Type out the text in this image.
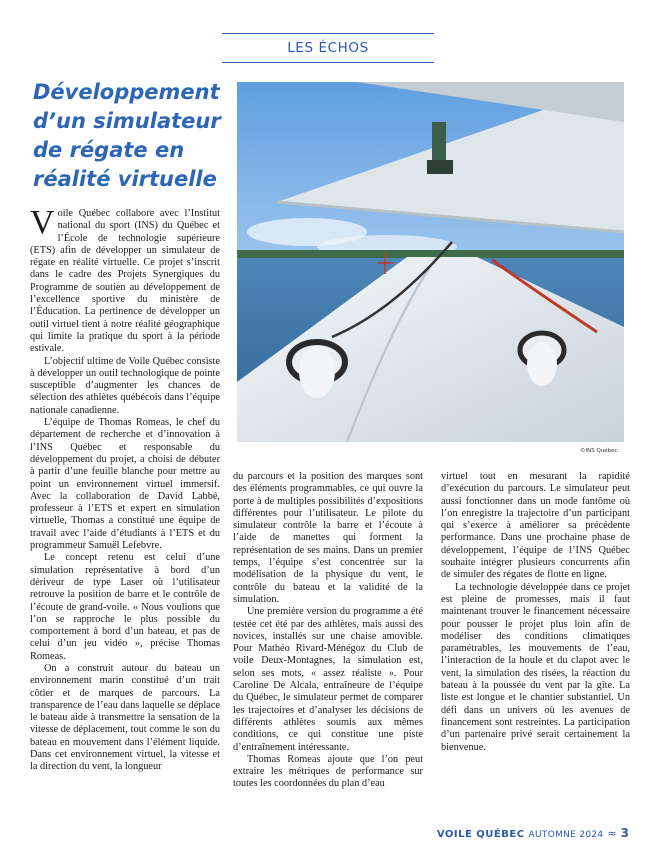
LES ÉCHOS
Développement d’un simulateur de régate en réalité virtuelle
©INS Québec

Voile Québec collabore avec l’Institut national du sport (INS) du Québec et l’École de technologie supérieure (ETS) afin de développer un simulateur de régate en réalité virtuelle. Ce projet s’inscrit dans le cadre des Projets Synergiques du Programme de soutien au développement de l’excellence sportive du ministère de l’Éducation. La pertinence de développer un outil virtuel tient à notre réalité géographique qui limite la pratique du sport à la période estivale.

L’objectif ultime de Voile Québec consiste à développer un outil technologique de pointe susceptible d’augmenter les chances de sélection des athlètes québécois dans l’équipe nationale canadienne.

L’équipe de Thomas Romeas, le chef du département de recherche et d’innovation à l’INS Québec et responsable du développement du projet, a choisi de débuter à partir d’une feuille blanche pour mettre au point un environnement virtuel immersif. Avec la collaboration de David Labbé, professeur à l’ETS et expert en simulation virtuelle, Thomas a constitué une équipe de travail avec l’aide d’étudiants à l’ETS et du programmeur Samuël Lefebvre.

Le concept retenu est celui d’une simulation représentative à bord d’un dériveur de type Laser où l’utilisateur retrouve la position de barre et le contrôle de l’écoute de grand-voile. « Nous voulions que l’on se rapproche le plus possible du comportement à bord d’un bateau, et pas de celui d’un jeu vidéo », précise Thomas Romeas.

On a construit autour du bateau un environnement marin constitué d’un trait côtier et de marques de parcours. La transparence de l’eau dans laquelle se déplace le bateau aide à transmettre la sensation de la vitesse de déplacement, tout comme le son du bateau en mouvement dans l’élément liquide. Dans cet environnement virtuel, la vitesse et la direction du vent, la longueur

du parcours et la position des marques sont des éléments programmables, ce qui ouvre la porte à de multiples possibilités d’expositions différentes pour l’utilisateur. Le pilote du simulateur contrôle la barre et l’écoute à l’aide de manettes qui forment la représentation de ses mains. Dans un premier temps, l’équipe s’est concentrée sur la modélisation de la physique du vent, le contrôle du bateau et la validité de la simulation.

Une première version du programme a été testée cet été par des athlètes, mais aussi des novices, installés sur une chaise amovible. Pour Mathéo Rivard-Ménégoz du Club de voile Deux-Montagnes, la simulation est, selon ses mots, « assez réaliste ». Pour Caroline De Alcala, entraîneure de l’équipe du Québec, le simulateur permet de comparer les trajectoires et d’analyser les décisions de différents athlètes soumis aux mêmes conditions, ce qui constitue une piste d’entraînement intéressante.

Thomas Romeas ajoute que l’on peut extraire les métriques de performance sur toutes les coordonnées du plan d’eau

virtuel tout en mesurant la rapidité d’exécution du parcours. Le simulateur peut aussi fonctionner dans un mode fantôme où l’on enregistre la trajectoire d’un participant qui s’exerce à améliorer sa précédente performance. Dans une prochaine phase de développement, l’équipe de l’INS Québec souhaite intégrer plusieurs concurrents afin de simuler des régates de flotte en ligne.

La technologie développée dans ce projet est pleine de promesses, mais il faut maintenant trouver le financement nécessaire pour pousser le projet plus loin afin de modéliser des conditions climatiques paramétrables, les mouvements de l’eau, l’interaction de la houle et du clapot avec le vent, la simulation des risées, la réaction du bateau à la poussée du vent par la gîte. La liste est longue et le chantier substantiel. Un défi dans un univers où les avenues de financement sont restreintes. La participation d’un partenaire privé serait certainement la bienvenue.

VOILE QUÉBEC AUTOMNE 2024 ≈ 3
